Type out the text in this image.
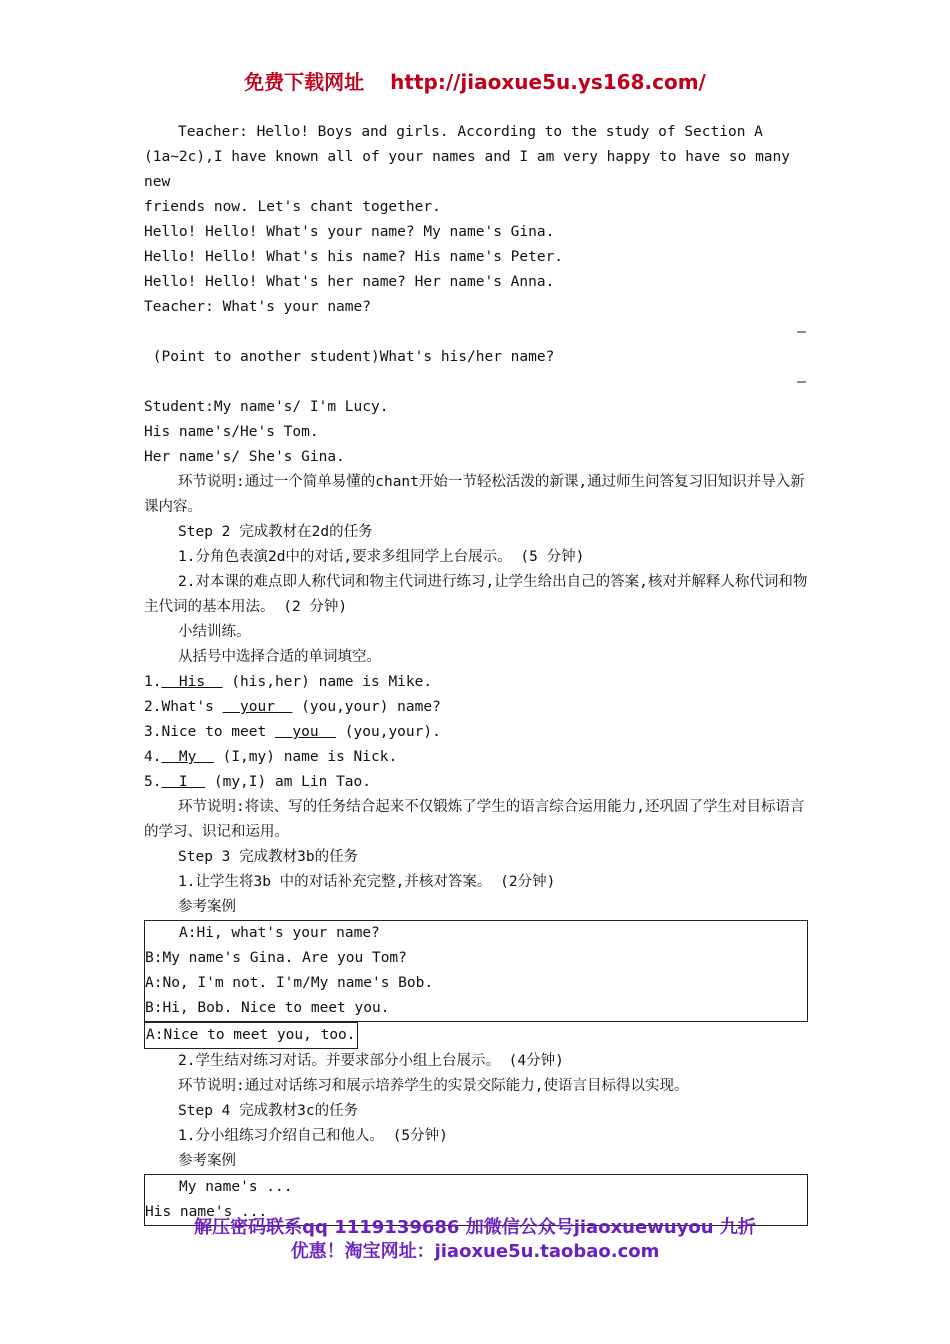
免费下载网址 http://jiaoxue5u.ys168.com/

Teacher: Hello! Boys and girls. According to the study of Section A

(1a~2c),I have known all of your names and I am very happy to have so many new

friends now. Let's chant together.

Hello! Hello! What's your name? My name's Gina.

Hello! Hello! What's his name? His name's Peter.

Hello! Hello! What's her name? Her name's Anna.

Teacher: What's your name?

—

(Point to another student)What's his/her name?

—

Student:My name's/ I'm Lucy.

His name's/He's Tom.

Her name's/ She's Gina.

环节说明:通过一个简单易懂的chant开始一节轻松活泼的新课,通过师生问答复习旧知识并导入新课内容。

Step 2 完成教材在2d的任务

1.分角色表演2d中的对话,要求多组同学上台展示。 (5 分钟)

2.对本课的难点即人称代词和物主代词进行练习,让学生给出自己的答案,核对并解释人称代词和物主代词的基本用法。 (2 分钟)

小结训练。

从括号中选择合适的单词填空。

1.  His   (his,her) name is Mike.

2.What's   your   (you,your) name?

3.Nice to meet   you   (you,your).

4.  My   (I,my) name is Nick.

5.  I   (my,I) am Lin Tao.

环节说明:将读、写的任务结合起来不仅锻炼了学生的语言综合运用能力,还巩固了学生对目标语言的学习、识记和运用。

Step 3 完成教材3b的任务

1.让学生将3b 中的对话补充完整,并核对答案。 (2分钟)

参考案例

A:Hi, what's your name?

B:My name's Gina. Are you Tom?

A:No, I'm not. I'm/My name's Bob.

B:Hi, Bob. Nice to meet you.

A:Nice to meet you, too.

2.学生结对练习对话。并要求部分小组上台展示。 (4分钟)

环节说明:通过对话练习和展示培养学生的实景交际能力,使语言目标得以实现。

Step 4 完成教材3c的任务

1.分小组练习介绍自己和他人。 (5分钟)

参考案例

My name's ...

His name's ...

解压密码联系qq 1119139686 加微信公众号jiaoxuewuyou 九折
优惠！淘宝网址：jiaoxue5u.taobao.com
